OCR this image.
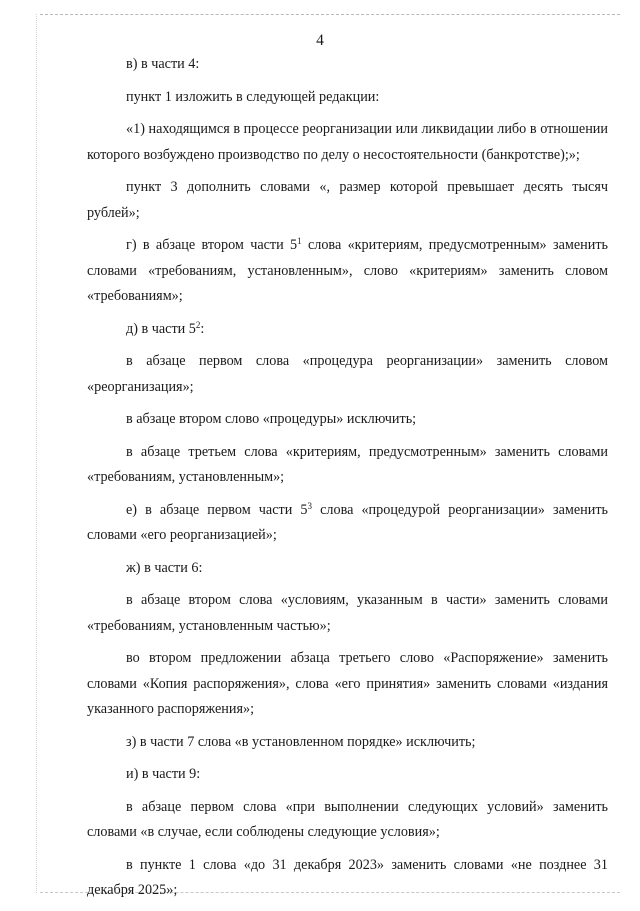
4

в) в части 4:

пункт 1 изложить в следующей редакции:

«1) находящимся в процессе реорганизации или ликвидации либо в отношении которого возбуждено производство по делу о несостоятельности (банкротстве);»;

пункт 3 дополнить словами «, размер которой превышает десять тысяч рублей»;

г) в абзаце втором части $5^1$ слова «критериям, предусмотренным» заменить словами «требованиям, установленным», слово «критериям» заменить словом «требованиям»;

д) в части $5^2$:

в абзаце первом слова «процедура реорганизации» заменить словом «реорганизация»;

в абзаце втором слово «процедуры» исключить;

в абзаце третьем слова «критериям, предусмотренным» заменить словами «требованиям, установленным»;

е) в абзаце первом части $5^3$ слова «процедурой реорганизации» заменить словами «его реорганизацией»;

ж) в части 6:

в абзаце втором слова «условиям, указанным в части» заменить словами «требованиям, установленным частью»;

во втором предложении абзаца третьего слово «Распоряжение» заменить словами «Копия распоряжения», слова «его принятия» заменить словами «издания указанного распоряжения»;

з) в части 7 слова «в установленном порядке» исключить;

и) в части 9:

в абзаце первом слова «при выполнении следующих условий» заменить словами «в случае, если соблюдены следующие условия»;

в пункте 1 слова «до 31 декабря 2023» заменить словами «не позднее 31 декабря 2025»;
